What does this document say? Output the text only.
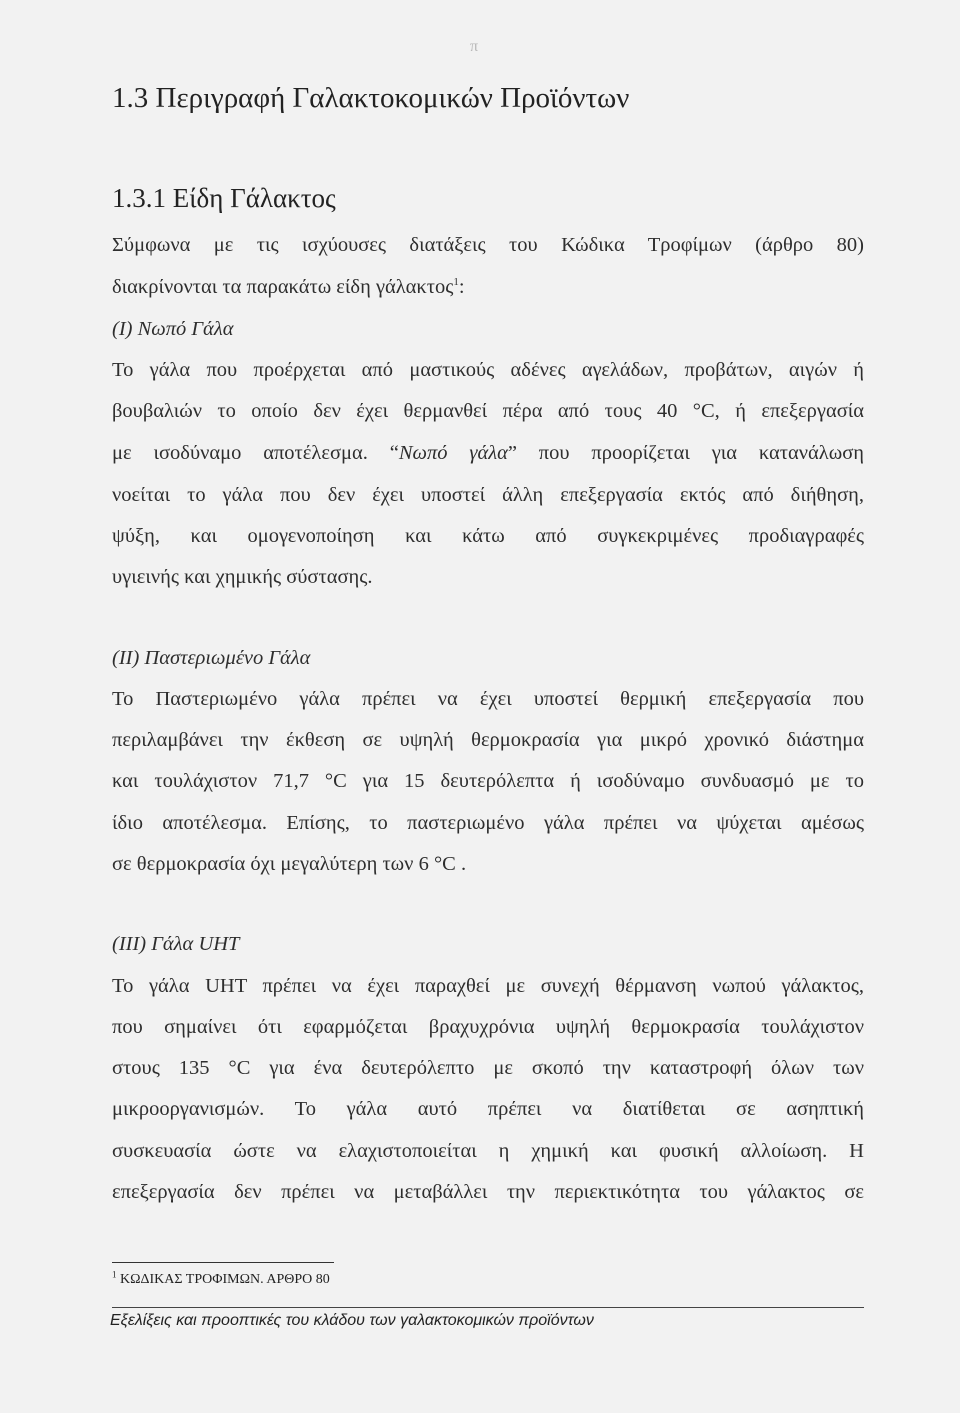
π
1.3 Περιγραφή Γαλακτοκομικών Προϊόντων
1.3.1 Είδη Γάλακτος
Σύμφωνα με τις ισχύουσες διατάξεις του Κώδικα Τροφίμων (άρθρο 80)
διακρίνονται τα παρακάτω είδη γάλακτος$^1$:
(I) Νωπό Γάλα
Το γάλα που προέρχεται από μαστικούς αδένες αγελάδων, προβάτων, αιγών ή
βουβαλιών το οποίο δεν έχει θερμανθεί πέρα από τους 40 °C, ή επεξεργασία
με ισοδύναμο αποτέλεσμα. “Νωπό γάλα” που προορίζεται για κατανάλωση
νοείται το γάλα που δεν έχει υποστεί άλλη επεξεργασία εκτός από διήθηση,
ψύξη, και ομογενοποίηση και κάτω από συγκεκριμένες προδιαγραφές
υγιεινής και χημικής σύστασης.
(II) Παστεριωμένο Γάλα
Το Παστεριωμένο γάλα πρέπει να έχει υποστεί θερμική επεξεργασία που
περιλαμβάνει την έκθεση σε υψηλή θερμοκρασία για μικρό χρονικό διάστημα
και τουλάχιστον 71,7 °C για 15 δευτερόλεπτα ή ισοδύναμο συνδυασμό με το
ίδιο αποτέλεσμα. Επίσης, το παστεριωμένο γάλα πρέπει να ψύχεται αμέσως
σε θερμοκρασία όχι μεγαλύτερη των 6 °C .
(III) Γάλα UHT
Το γάλα UHT πρέπει να έχει παραχθεί με συνεχή θέρμανση νωπού γάλακτος,
που σημαίνει ότι εφαρμόζεται βραχυχρόνια υψηλή θερμοκρασία τουλάχιστον
στους 135 °C για ένα δευτερόλεπτο με σκοπό την καταστροφή όλων των
μικροοργανισμών. Το γάλα αυτό πρέπει να διατίθεται σε ασηπτική
συσκευασία ώστε να ελαχιστοποιείται η χημική και φυσική αλλοίωση. Η
επεξεργασία δεν πρέπει να μεταβάλλει την περιεκτικότητα του γάλακτος σε
$^1$ ΚΩΔΙΚΑΣ ΤΡΟΦΙΜΩΝ. ΑΡΘΡΟ 80
Εξελίξεις και προοπτικές του κλάδου των γαλακτοκομικών προϊόντων
